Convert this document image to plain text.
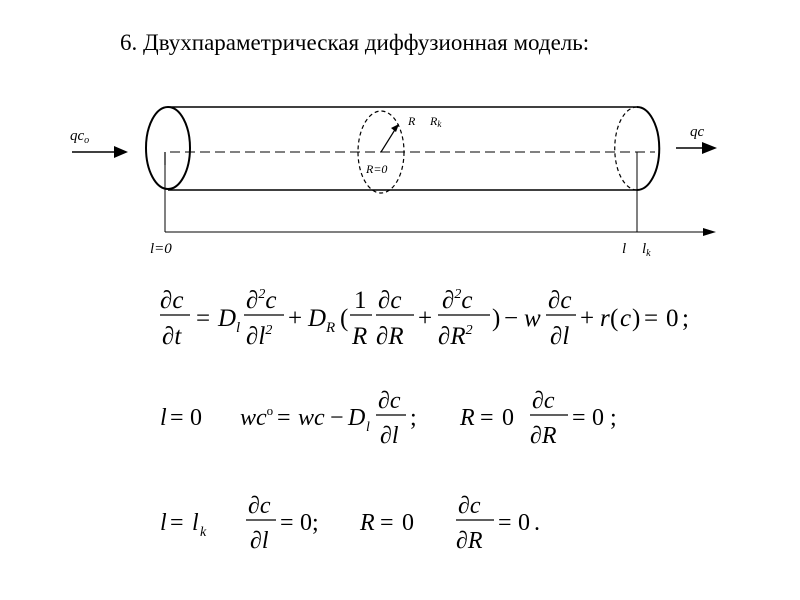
6. Двухпараметрическая диффузионная модель:
$qc_o$
qc
R Rk
R=0
l=0	l $l_k$
∂c
∂t
= D l
∂$^2$c
$\partial l^2 + D$ R (
1
R
∂c
∂R
+
∂$^2$c
$\partial R^2$ ) − w
∂c
∂l
+ r ( c ) = 0 ;
l = 0 $wc^o$ = wc − D l
∂c
∂l
; R = 0
∂c
∂R
= 0 ;
l = l k
∂c
∂l
= 0; R = 0
∂c
∂R
= 0 .
